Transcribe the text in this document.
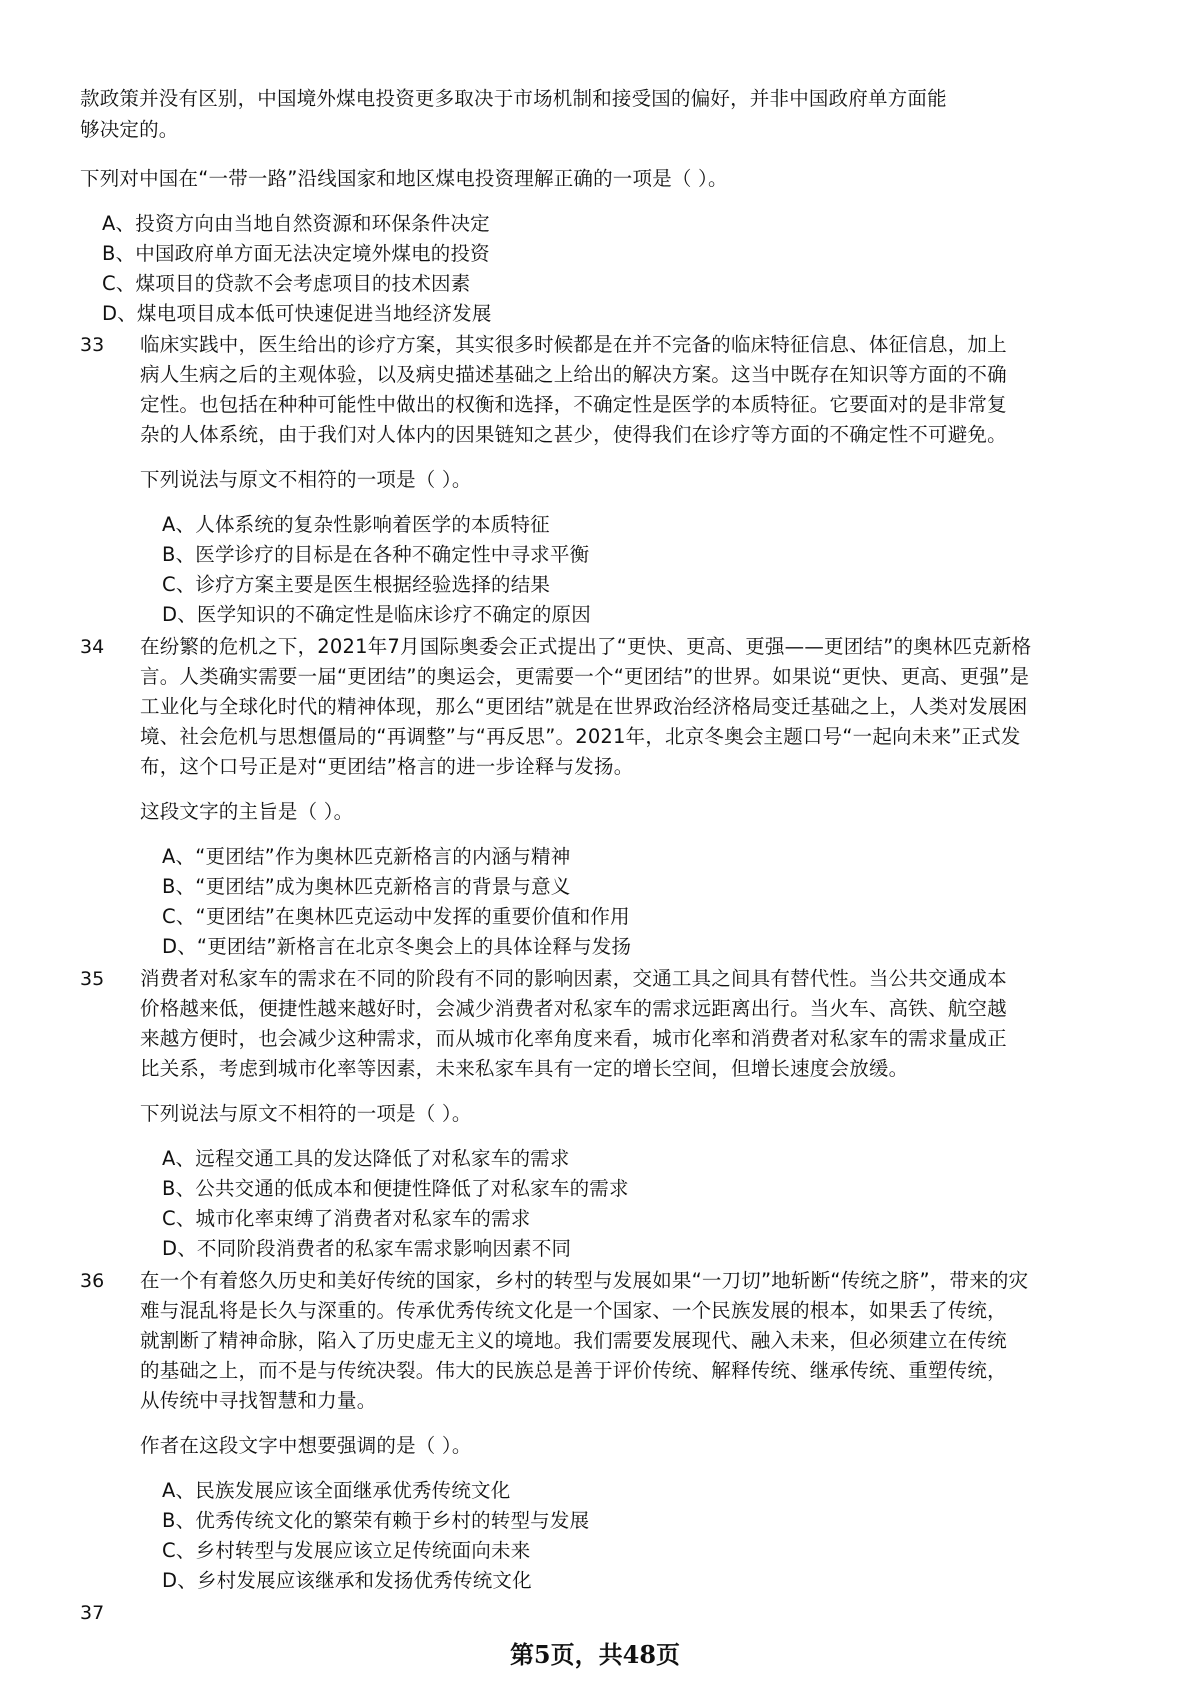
款政策并没有区别，中国境外煤电投资更多取决于市场机制和接受国的偏好，并非中国政府单方面能
够决定的。
下列对中国在“一带一路”沿线国家和地区煤电投资理解正确的一项是（ ）。
A、投资方向由当地自然资源和环保条件决定
B、中国政府单方面无法决定境外煤电的投资
C、煤项目的贷款不会考虑项目的技术因素
D、煤电项目成本低可快速促进当地经济发展
33 临床实践中，医生给出的诊疗方案，其实很多时候都是在并不完备的临床特征信息、体征信息，加上
病人生病之后的主观体验，以及病史描述基础之上给出的解决方案。这当中既存在知识等方面的不确
定性。也包括在种种可能性中做出的权衡和选择，不确定性是医学的本质特征。它要面对的是非常复
杂的人体系统，由于我们对人体内的因果链知之甚少，使得我们在诊疗等方面的不确定性不可避免。
下列说法与原文不相符的一项是（ ）。
A、人体系统的复杂性影响着医学的本质特征
B、医学诊疗的目标是在各种不确定性中寻求平衡
C、诊疗方案主要是医生根据经验选择的结果
D、医学知识的不确定性是临床诊疗不确定的原因
34 在纷繁的危机之下，2021年7月国际奥委会正式提出了“更快、更高、更强——更团结”的奥林匹克新格
言。人类确实需要一届“更团结”的奥运会，更需要一个“更团结”的世界。如果说“更快、更高、更强”是
工业化与全球化时代的精神体现，那么“更团结”就是在世界政治经济格局变迁基础之上，人类对发展困
境、社会危机与思想僵局的“再调整”与“再反思”。2021年，北京冬奥会主题口号“一起向未来”正式发
布，这个口号正是对“更团结”格言的进一步诠释与发扬。
这段文字的主旨是（ ）。
A、“更团结”作为奥林匹克新格言的内涵与精神
B、“更团结”成为奥林匹克新格言的背景与意义
C、“更团结”在奥林匹克运动中发挥的重要价值和作用
D、“更团结”新格言在北京冬奥会上的具体诠释与发扬
35 消费者对私家车的需求在不同的阶段有不同的影响因素，交通工具之间具有替代性。当公共交通成本
价格越来低，便捷性越来越好时，会减少消费者对私家车的需求远距离出行。当火车、高铁、航空越
来越方便时，也会减少这种需求，而从城市化率角度来看，城市化率和消费者对私家车的需求量成正
比关系，考虑到城市化率等因素，未来私家车具有一定的增长空间，但增长速度会放缓。
下列说法与原文不相符的一项是（ ）。
A、远程交通工具的发达降低了对私家车的需求
B、公共交通的低成本和便捷性降低了对私家车的需求
C、城市化率束缚了消费者对私家车的需求
D、不同阶段消费者的私家车需求影响因素不同
36 在一个有着悠久历史和美好传统的国家，乡村的转型与发展如果“一刀切”地斩断“传统之脐”，带来的灾
难与混乱将是长久与深重的。传承优秀传统文化是一个国家、一个民族发展的根本，如果丢了传统，
就割断了精神命脉，陷入了历史虚无主义的境地。我们需要发展现代、融入未来，但必须建立在传统
的基础之上，而不是与传统决裂。伟大的民族总是善于评价传统、解释传统、继承传统、重塑传统，
从传统中寻找智慧和力量。
作者在这段文字中想要强调的是（ ）。
A、民族发展应该全面继承优秀传统文化
B、优秀传统文化的繁荣有赖于乡村的转型与发展
C、乡村转型与发展应该立足传统面向未来
D、乡村发展应该继承和发扬优秀传统文化
37
第5页，共48页
